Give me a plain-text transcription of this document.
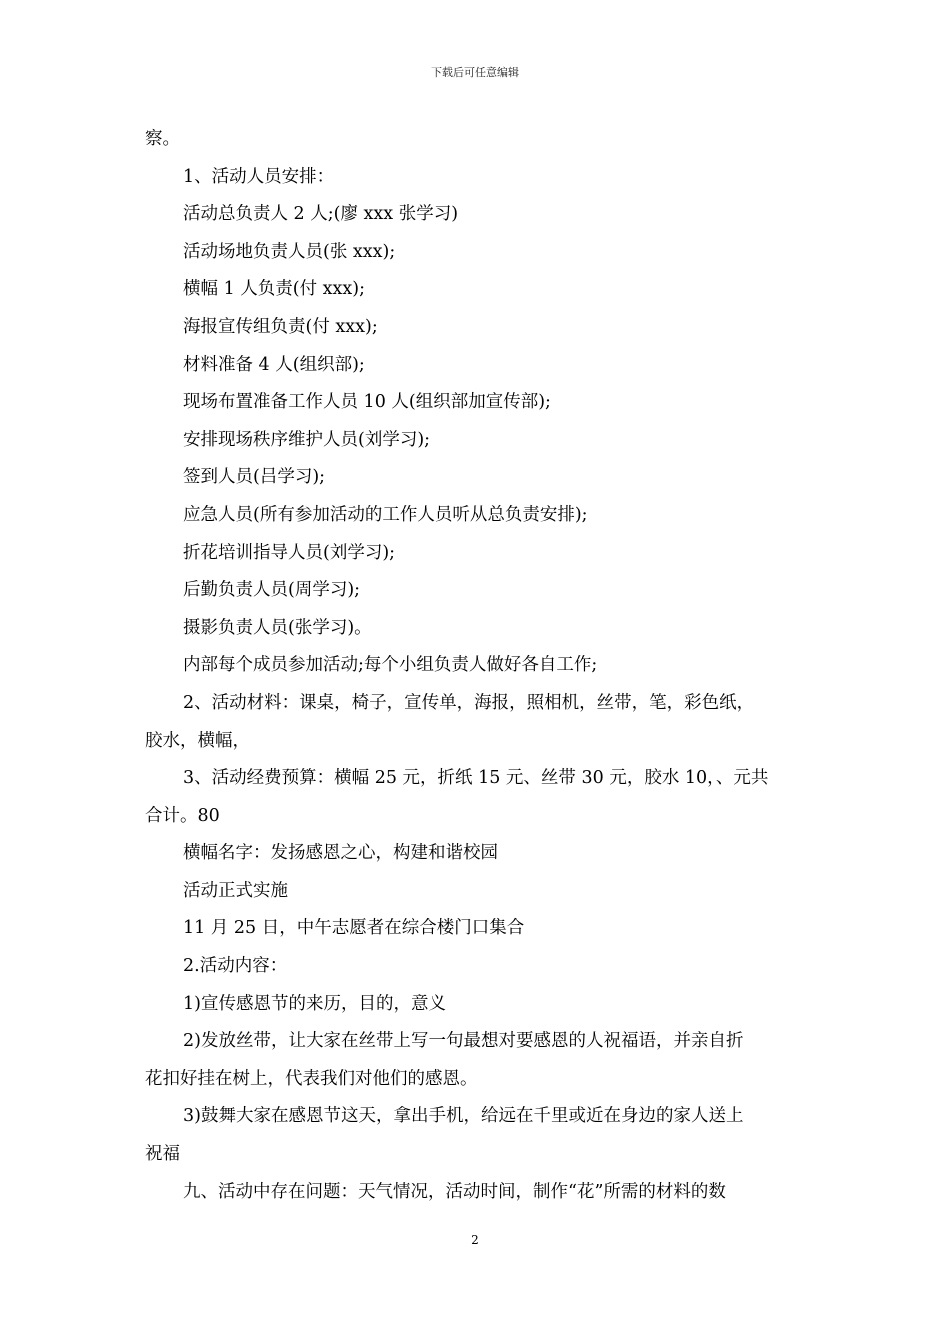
下载后可任意编辑
察。
1、活动人员安排：
活动总负责人 2 人;(廖 xxx 张学习)
活动场地负责人员(张 xxx);
横幅 1 人负责(付 xxx);
海报宣传组负责(付 xxx);
材料准备 4 人(组织部);
现场布置准备工作人员 10 人(组织部加宣传部);
安排现场秩序维护人员(刘学习);
签到人员(吕学习);
应急人员(所有参加活动的工作人员听从总负责安排);
折花培训指导人员(刘学习);
后勤负责人员(周学习);
摄影负责人员(张学习)。
内部每个成员参加活动;每个小组负责人做好各自工作;
2、活动材料：课桌，椅子，宣传单，海报，照相机，丝带，笔，彩色纸，
胶水，横幅，
3、活动经费预算：横幅 25 元，折纸 15 元、丝带 30 元，胶水 10，、元共
合计。80
横幅名字：发扬感恩之心，构建和谐校园
活动正式实施
11 月 25 日，中午志愿者在综合楼门口集合
2.活动内容：
1)宣传感恩节的来历，目的，意义
2)发放丝带，让大家在丝带上写一句最想对要感恩的人祝福语，并亲自折
花扣好挂在树上，代表我们对他们的感恩。
3)鼓舞大家在感恩节这天，拿出手机，给远在千里或近在身边的家人送上
祝福
九、活动中存在问题：天气情况，活动时间，制作“花”所需的材料的数
2
